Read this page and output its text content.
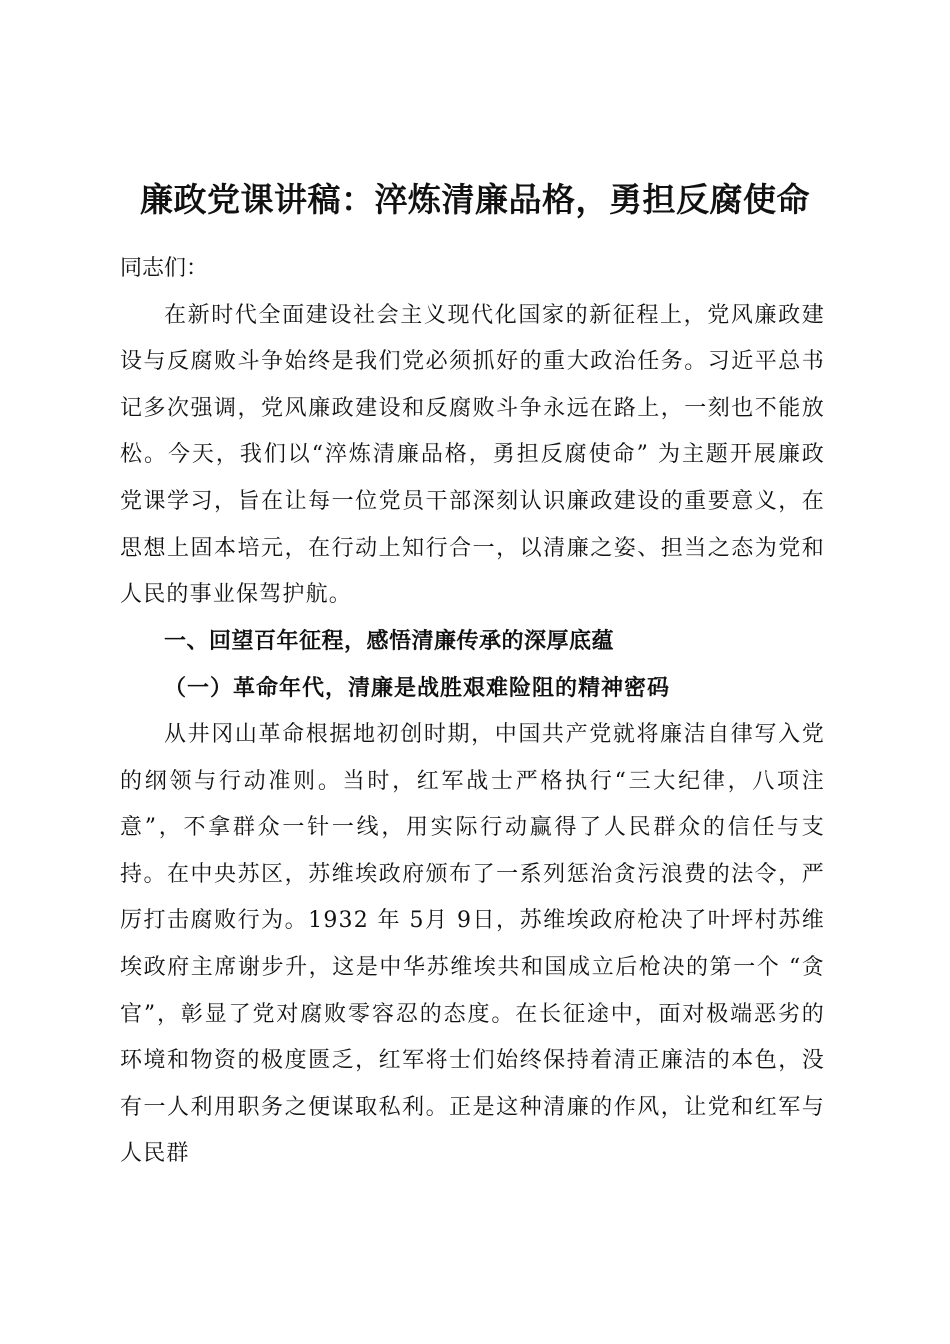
廉政党课讲稿：淬炼清廉品格，勇担反腐使命

同志们：

在新时代全面建设社会主义现代化国家的新征程上，党风廉政建设与反腐败斗争始终是我们党必须抓好的重大政治任务。习近平总书记多次强调，党风廉政建设和反腐败斗争永远在路上，一刻也不能放松。今天，我们以“淬炼清廉品格，勇担反腐使命” 为主题开展廉政党课学习，旨在让每一位党员干部深刻认识廉政建设的重要意义，在思想上固本培元，在行动上知行合一，以清廉之姿、担当之态为党和人民的事业保驾护航。

一、回望百年征程，感悟清廉传承的深厚底蕴

（一）革命年代，清廉是战胜艰难险阻的精神密码

从井冈山革命根据地初创时期，中国共产党就将廉洁自律写入党的纲领与行动准则。当时，红军战士严格执行“三大纪律，八项注意”，不拿群众一针一线，用实际行动赢得了人民群众的信任与支持。在中央苏区，苏维埃政府颁布了一系列惩治贪污浪费的法令，严厉打击腐败行为。1932 年 5月 9日，苏维埃政府枪决了叶坪村苏维埃政府主席谢步升，这是中华苏维埃共和国成立后枪决的第一个 “贪官”，彰显了党对腐败零容忍的态度。在长征途中，面对极端恶劣的环境和物资的极度匮乏，红军将士们始终保持着清正廉洁的本色，没有一人利用职务之便谋取私利。正是这种清廉的作风，让党和红军与人民群
